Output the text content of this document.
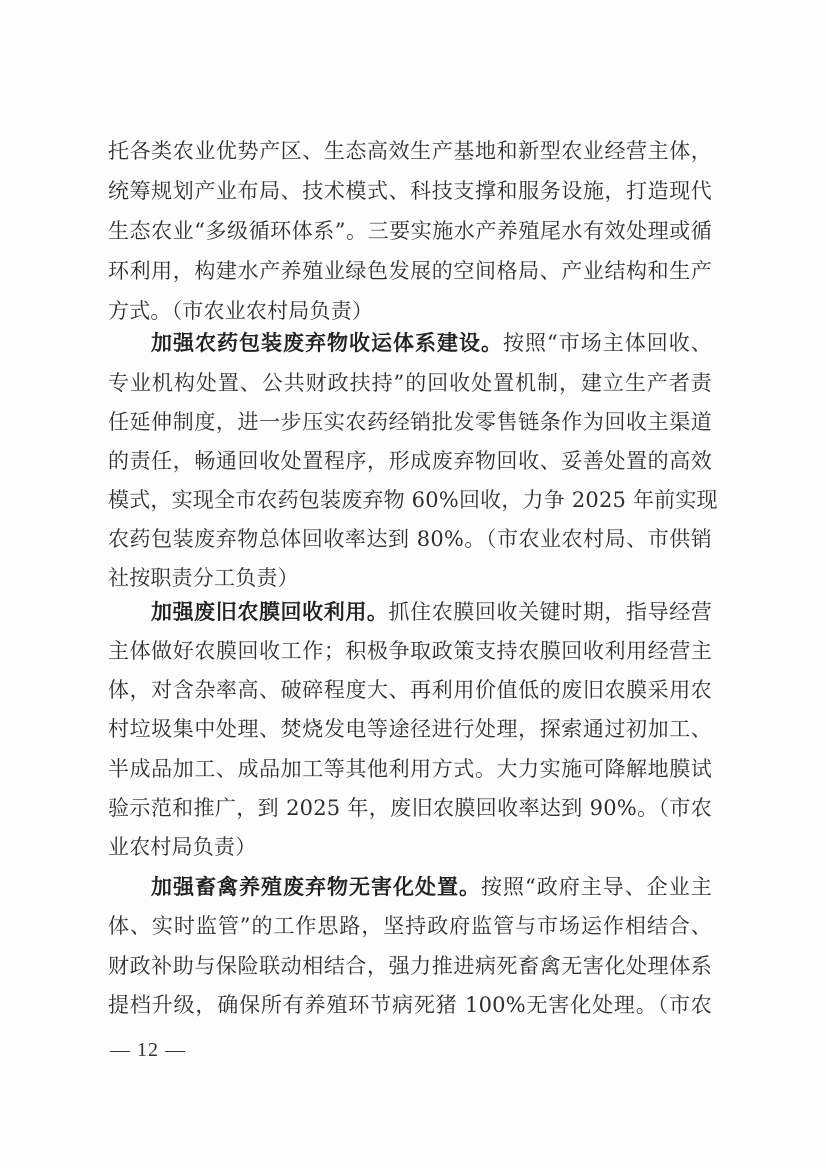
托各类农业优势产区、生态高效生产基地和新型农业经营主体，
统筹规划产业布局、技术模式、科技支撑和服务设施，打造现代
生态农业“多级循环体系”。三要实施水产养殖尾水有效处理或循
环利用，构建水产养殖业绿色发展的空间格局、产业结构和生产
方式。（市农业农村局负责）
加强农药包装废弃物收运体系建设。按照“市场主体回收、
专业机构处置、公共财政扶持”的回收处置机制，建立生产者责
任延伸制度，进一步压实农药经销批发零售链条作为回收主渠道
的责任，畅通回收处置程序，形成废弃物回收、妥善处置的高效
模式，实现全市农药包装废弃物 60%回收，力争 2025 年前实现
农药包装废弃物总体回收率达到 80%。（市农业农村局、市供销
社按职责分工负责）
加强废旧农膜回收利用。抓住农膜回收关键时期，指导经营
主体做好农膜回收工作；积极争取政策支持农膜回收利用经营主
体，对含杂率高、破碎程度大、再利用价值低的废旧农膜采用农
村垃圾集中处理、焚烧发电等途径进行处理，探索通过初加工、
半成品加工、成品加工等其他利用方式。大力实施可降解地膜试
验示范和推广，到 2025 年，废旧农膜回收率达到 90%。（市农
业农村局负责）
加强畜禽养殖废弃物无害化处置。按照“政府主导、企业主
体、实时监管”的工作思路，坚持政府监管与市场运作相结合、
财政补助与保险联动相结合，强力推进病死畜禽无害化处理体系
提档升级，确保所有养殖环节病死猪 100%无害化处理。（市农
— 12 —
